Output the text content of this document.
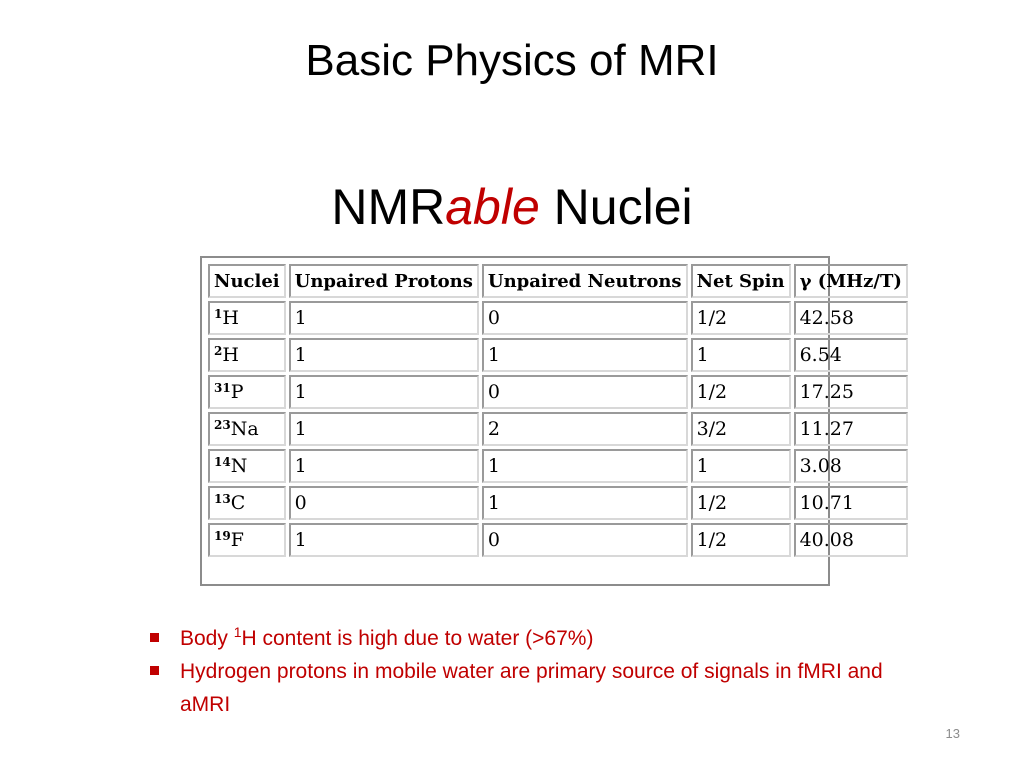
Basic Physics of MRI
NMRable Nuclei
Nuclei	Unpaired Protons	Unpaired Neutrons	Net Spin	γ (MHz/T)
$^1$H	1	0	1/2	42.58
$^2$H	1	1	1	6.54
$^{31}$P	1	0	1/2	17.25
$^{23}$Na	1	2	3/2	11.27
$^{14}$N	1	1	1	3.08
$^{13}$C	0	1	1/2	10.71
$^{19}$F	1	0	1/2	40.08
Body $^1$H content is high due to water (>67%)
Hydrogen protons in mobile water are primary source of signals in fMRI and aMRI
13
